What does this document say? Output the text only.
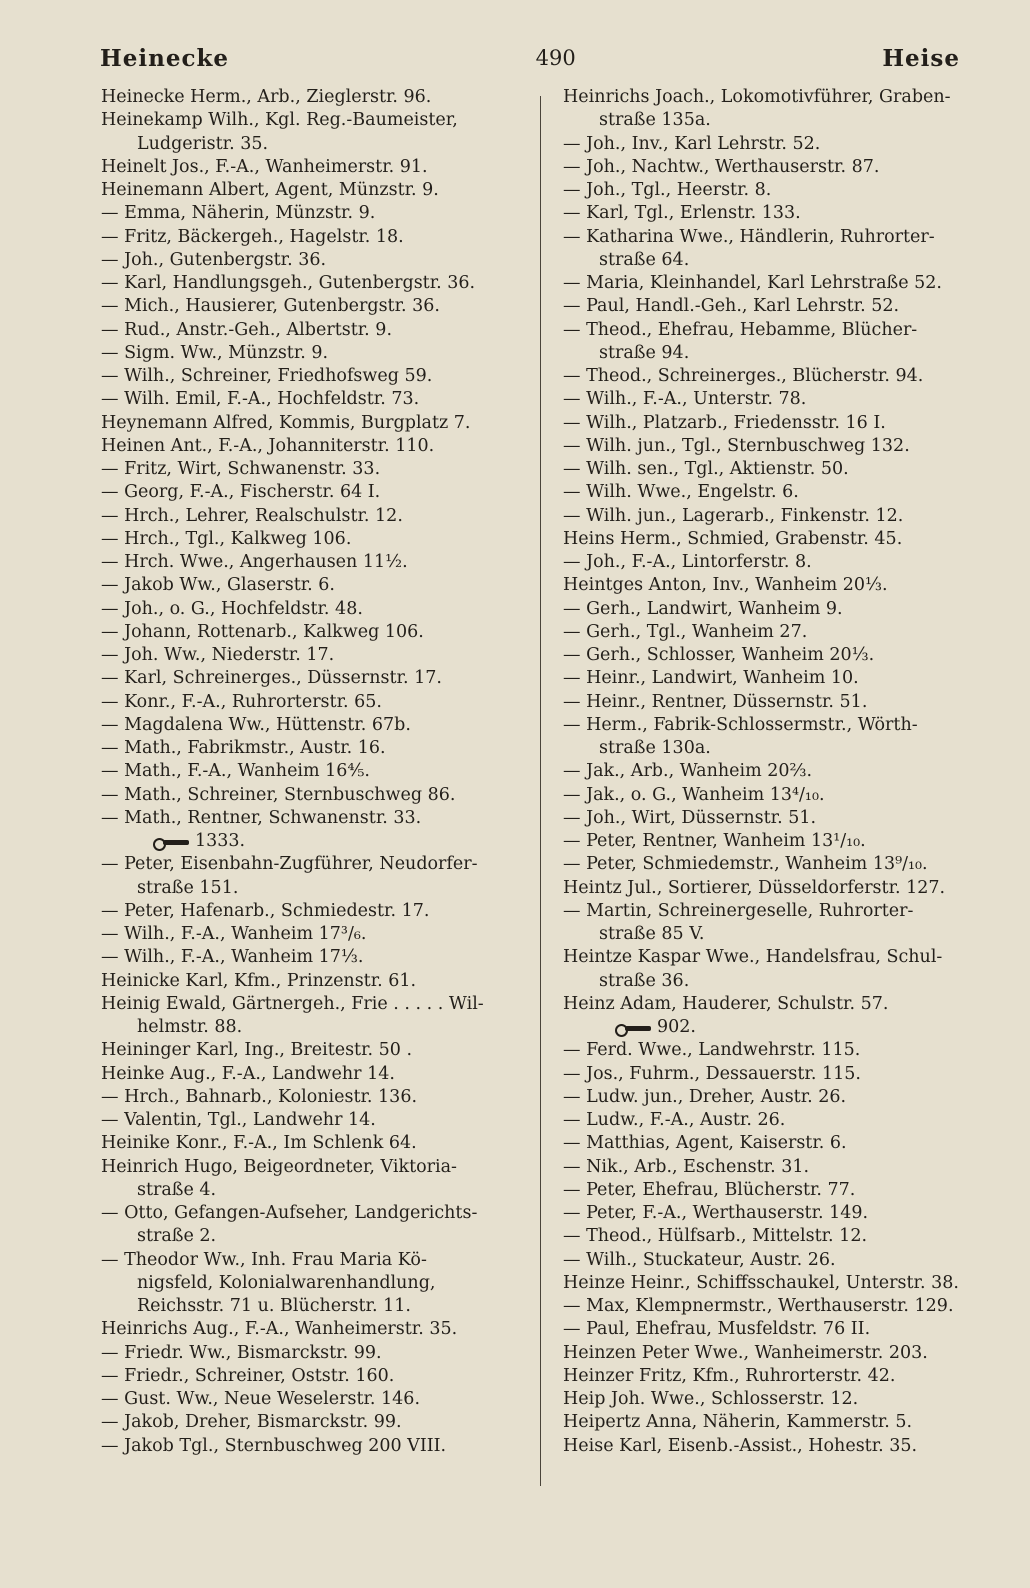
Heinecke	490	Heise
Heinecke Herm., Arb., Zieglerstr. 96.
Heinekamp Wilh., Kgl. Reg.-Baumeister,
Ludgeristr. 35.
Heinelt Jos., F.-A., Wanheimerstr. 91.
Heinemann Albert, Agent, Münzstr. 9.
— Emma, Näherin, Münzstr. 9.
— Fritz, Bäckergeh., Hagelstr. 18.
— Joh., Gutenbergstr. 36.
— Karl, Handlungsgeh., Gutenbergstr. 36.
— Mich., Hausierer, Gutenbergstr. 36.
— Rud., Anstr.-Geh., Albertstr. 9.
— Sigm. Ww., Münzstr. 9.
— Wilh., Schreiner, Friedhofsweg 59.
— Wilh. Emil, F.-A., Hochfeldstr. 73.
Heynemann Alfred, Kommis, Burgplatz 7.
Heinen Ant., F.-A., Johanniterstr. 110.
— Fritz, Wirt, Schwanenstr. 33.
— Georg, F.-A., Fischerstr. 64 I.
— Hrch., Lehrer, Realschulstr. 12.
— Hrch., Tgl., Kalkweg 106.
— Hrch. Wwe., Angerhausen 11½.
— Jakob Ww., Glaserstr. 6.
— Joh., o. G., Hochfeldstr. 48.
— Johann, Rottenarb., Kalkweg 106.
— Joh. Ww., Niederstr. 17.
— Karl, Schreinerges., Düssernstr. 17.
— Konr., F.-A., Ruhrorterstr. 65.
— Magdalena Ww., Hüttenstr. 67b.
— Math., Fabrikmstr., Austr. 16.
— Math., F.-A., Wanheim 16⅘.
— Math., Schreiner, Sternbuschweg 86.
— Math., Rentner, Schwanenstr. 33.
1333.
— Peter, Eisenbahn-Zugführer, Neudorfer-
straße 151.
— Peter, Hafenarb., Schmiedestr. 17.
— Wilh., F.-A., Wanheim 17³/₆.
— Wilh., F.-A., Wanheim 17⅓.
Heinicke Karl, Kfm., Prinzenstr. 61.
Heinig Ewald, Gärtnergeh., Frie . . . . . Wil-
helmstr. 88.
Heininger Karl, Ing., Breitestr. 50 .
Heinke Aug., F.-A., Landwehr 14.
— Hrch., Bahnarb., Koloniestr. 136.
— Valentin, Tgl., Landwehr 14.
Heinike Konr., F.-A., Im Schlenk 64.
Heinrich Hugo, Beigeordneter, Viktoria-
straße 4.
— Otto, Gefangen-Aufseher, Landgerichts-
straße 2.
— Theodor Ww., Inh. Frau Maria Kö-
nigsfeld, Kolonialwarenhandlung,
Reichsstr. 71 u. Blücherstr. 11.
Heinrichs Aug., F.-A., Wanheimerstr. 35.
— Friedr. Ww., Bismarckstr. 99.
— Friedr., Schreiner, Oststr. 160.
— Gust. Ww., Neue Weselerstr. 146.
— Jakob, Dreher, Bismarckstr. 99.
— Jakob Tgl., Sternbuschweg 200 VIII.
Heinrichs Joach., Lokomotivführer, Graben-
straße 135a.
— Joh., Inv., Karl Lehrstr. 52.
— Joh., Nachtw., Werthauserstr. 87.
— Joh., Tgl., Heerstr. 8.
— Karl, Tgl., Erlenstr. 133.
— Katharina Wwe., Händlerin, Ruhrorter-
straße 64.
— Maria, Kleinhandel, Karl Lehrstraße 52.
— Paul, Handl.-Geh., Karl Lehrstr. 52.
— Theod., Ehefrau, Hebamme, Blücher-
straße 94.
— Theod., Schreinerges., Blücherstr. 94.
— Wilh., F.-A., Unterstr. 78.
— Wilh., Platzarb., Friedensstr. 16 I.
— Wilh. jun., Tgl., Sternbuschweg 132.
— Wilh. sen., Tgl., Aktienstr. 50.
— Wilh. Wwe., Engelstr. 6.
— Wilh. jun., Lagerarb., Finkenstr. 12.
Heins Herm., Schmied, Grabenstr. 45.
— Joh., F.-A., Lintorferstr. 8.
Heintges Anton, Inv., Wanheim 20⅓.
— Gerh., Landwirt, Wanheim 9.
— Gerh., Tgl., Wanheim 27.
— Gerh., Schlosser, Wanheim 20⅓.
— Heinr., Landwirt, Wanheim 10.
— Heinr., Rentner, Düssernstr. 51.
— Herm., Fabrik-Schlossermstr., Wörth-
straße 130a.
— Jak., Arb., Wanheim 20⅔.
— Jak., o. G., Wanheim 13⁴/₁₀.
— Joh., Wirt, Düssernstr. 51.
— Peter, Rentner, Wanheim 13¹/₁₀.
— Peter, Schmiedemstr., Wanheim 13⁹/₁₀.
Heintz Jul., Sortierer, Düsseldorferstr. 127.
— Martin, Schreinergeselle, Ruhrorter-
straße 85 V.
Heintze Kaspar Wwe., Handelsfrau, Schul-
straße 36.
Heinz Adam, Hauderer, Schulstr. 57.
902.
— Ferd. Wwe., Landwehrstr. 115.
— Jos., Fuhrm., Dessauerstr. 115.
— Ludw. jun., Dreher, Austr. 26.
— Ludw., F.-A., Austr. 26.
— Matthias, Agent, Kaiserstr. 6.
— Nik., Arb., Eschenstr. 31.
— Peter, Ehefrau, Blücherstr. 77.
— Peter, F.-A., Werthauserstr. 149.
— Theod., Hülfsarb., Mittelstr. 12.
— Wilh., Stuckateur, Austr. 26.
Heinze Heinr., Schiffsschaukel, Unterstr. 38.
— Max, Klempnermstr., Werthauserstr. 129.
— Paul, Ehefrau, Musfeldstr. 76 II.
Heinzen Peter Wwe., Wanheimerstr. 203.
Heinzer Fritz, Kfm., Ruhrorterstr. 42.
Heip Joh. Wwe., Schlosserstr. 12.
Heipertz Anna, Näherin, Kammerstr. 5.
Heise Karl, Eisenb.-Assist., Hohestr. 35.
